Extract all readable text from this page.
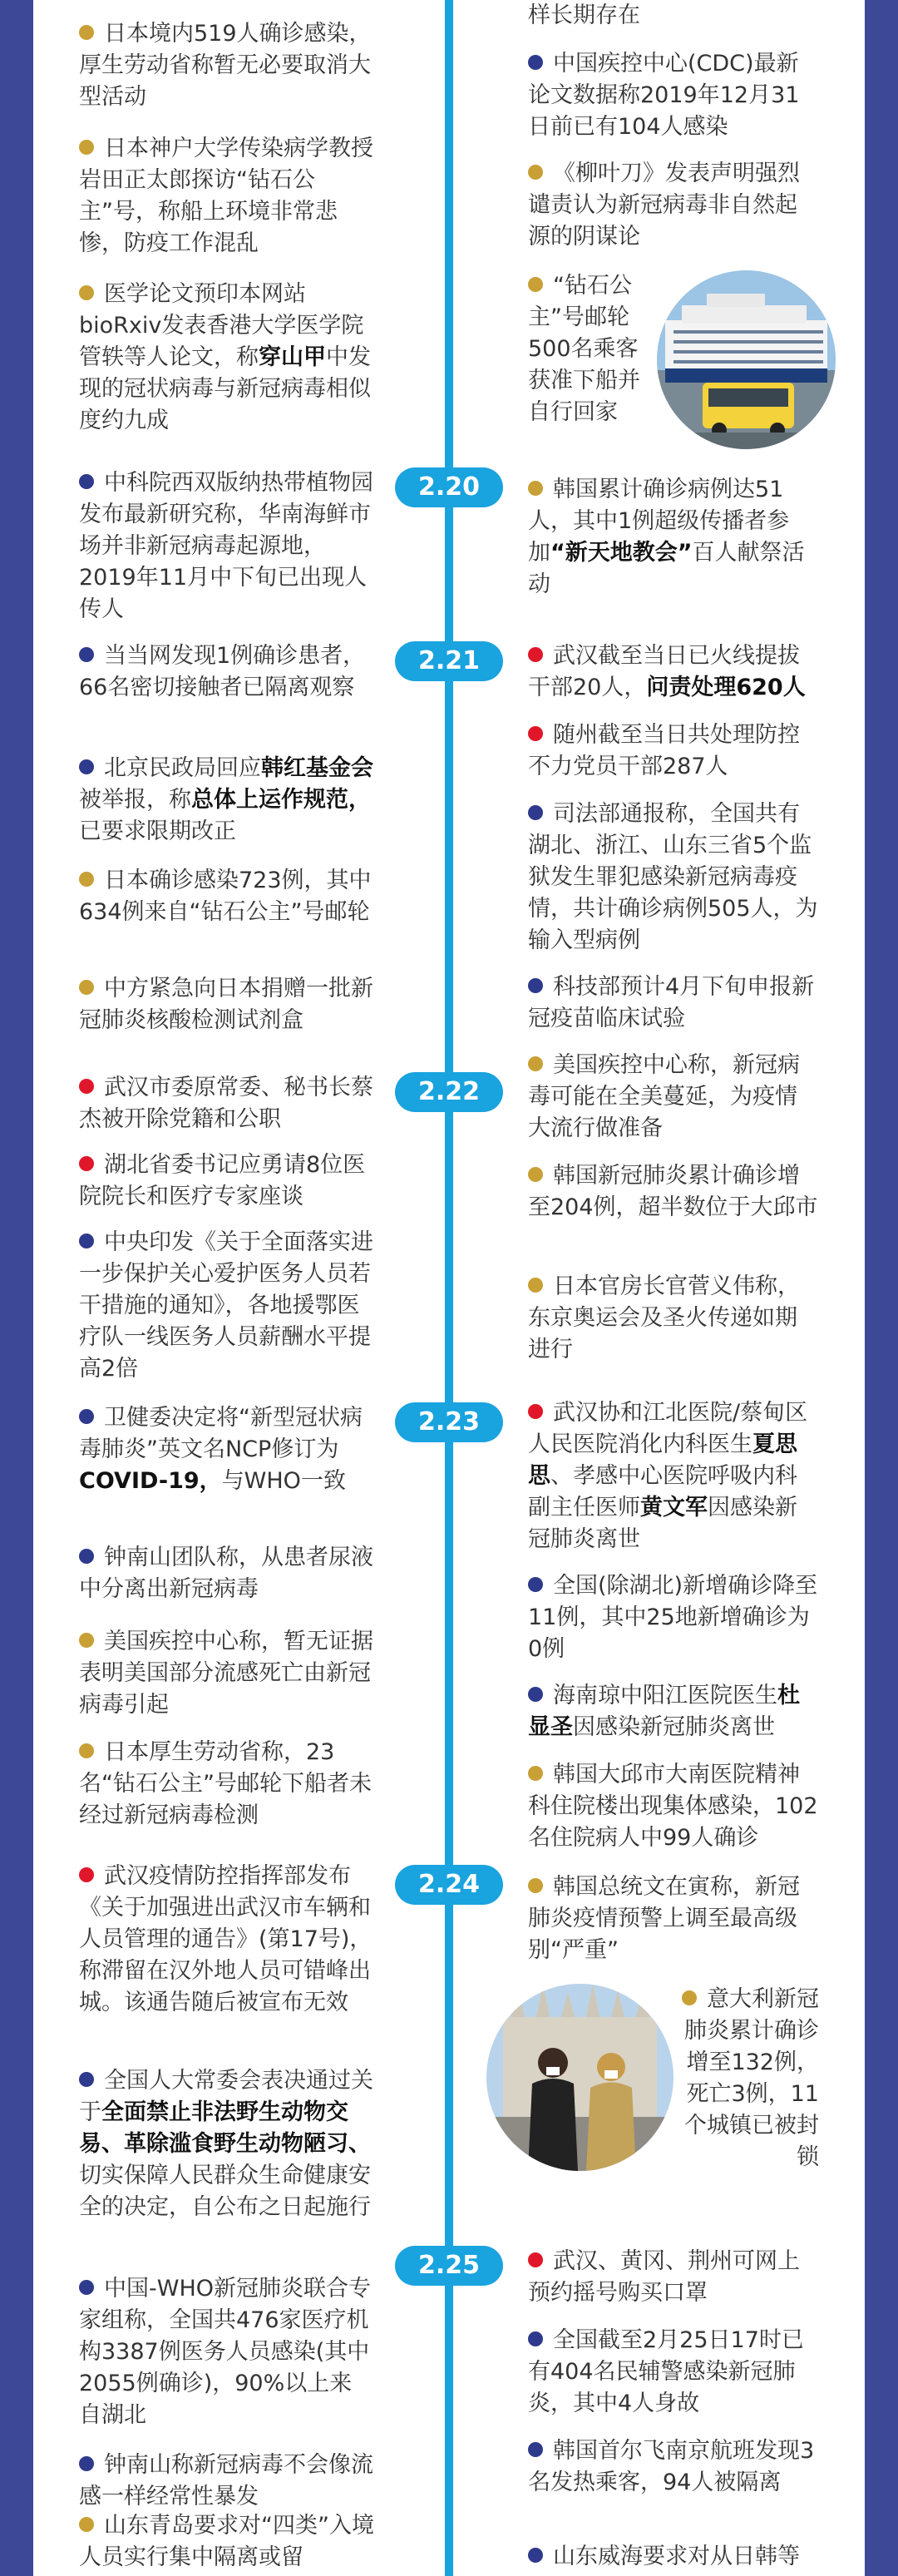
2.20
2.21
2.22
2.23
2.24
2.25
日本境内519人确诊感染，厚生劳动省称暂无必要取消大型活动
日本神户大学传染病学教授岩田正太郎探访“钻石公主”号，称船上环境非常悲惨，防疫工作混乱
医学论文预印本网站bioRxiv发表香港大学医学院管轶等人论文，称穿山甲中发现的冠状病毒与新冠病毒相似度约九成
中科院西双版纳热带植物园发布最新研究称，华南海鲜市场并非新冠病毒起源地，2019年11月中下旬已出现人传人
当当网发现1例确诊患者，66名密切接触者已隔离观察
北京民政局回应韩红基金会被举报，称总体上运作规范，已要求限期改正
日本确诊感染723例，其中634例来自“钻石公主”号邮轮
中方紧急向日本捐赠一批新冠肺炎核酸检测试剂盒
武汉市委原常委、秘书长蔡杰被开除党籍和公职
湖北省委书记应勇请8位医院院长和医疗专家座谈
中央印发《关于全面落实进一步保护关心爱护医务人员若干措施的通知》，各地援鄂医疗队一线医务人员薪酬水平提高2倍
卫健委决定将“新型冠状病毒肺炎”英文名NCP修订为COVID-19，与WHO一致
钟南山团队称，从患者尿液中分离出新冠病毒
美国疾控中心称，暂无证据表明美国部分流感死亡由新冠病毒引起
日本厚生劳动省称，23名“钻石公主”号邮轮下船者未经过新冠病毒检测
武汉疫情防控指挥部发布《关于加强进出武汉市车辆和人员管理的通告》(第17号)，称滞留在汉外地人员可错峰出城。该通告随后被宣布无效
全国人大常委会表决通过关于全面禁止非法野生动物交易、革除滥食野生动物陋习、切实保障人民群众生命健康安全的决定，自公布之日起施行
中国-WHO新冠肺炎联合专家组称，全国共476家医疗机构3387例医务人员感染(其中2055例确诊)，90%以上来自湖北
钟南山称新冠病毒不会像流感一样经常性暴发
山东青岛要求对“四类”入境人员实行集中隔离或留
样长期存在
中国疾控中心(CDC)最新论文数据称2019年12月31日前已有104人感染
《柳叶刀》发表声明强烈谴责认为新冠病毒非自然起源的阴谋论
“钻石公主”号邮轮500名乘客获准下船并自行回家
韩国累计确诊病例达51人，其中1例超级传播者参加“新天地教会”百人献祭活动
武汉截至当日已火线提拔干部20人，问责处理620人
随州截至当日共处理防控不力党员干部287人
司法部通报称，全国共有湖北、浙江、山东三省5个监狱发生罪犯感染新冠病毒疫情，共计确诊病例505人，为输入型病例
科技部预计4月下旬申报新冠疫苗临床试验
美国疾控中心称，新冠病毒可能在全美蔓延，为疫情大流行做准备
韩国新冠肺炎累计确诊增至204例，超半数位于大邱市
日本官房长官菅义伟称，东京奥运会及圣火传递如期进行
武汉协和江北医院/蔡甸区人民医院消化内科医生夏思思、孝感中心医院呼吸内科副主任医师黄文军因感染新冠肺炎离世
全国(除湖北)新增确诊降至11例，其中25地新增确诊为0例
海南琼中阳江医院医生杜显圣因感染新冠肺炎离世
韩国大邱市大南医院精神科住院楼出现集体感染，102名住院病人中99人确诊
韩国总统文在寅称，新冠肺炎疫情预警上调至最高级别“严重”
意大利新冠肺炎累计确诊增至132例，死亡3例，11个城镇已被封锁
武汉、黄冈、荆州可网上预约摇号购买口罩
全国截至2月25日17时已有404名民辅警感染新冠肺炎，其中4人身故
韩国首尔飞南京航班发现3名发热乘客，94人被隔离
山东威海要求对从日韩等
